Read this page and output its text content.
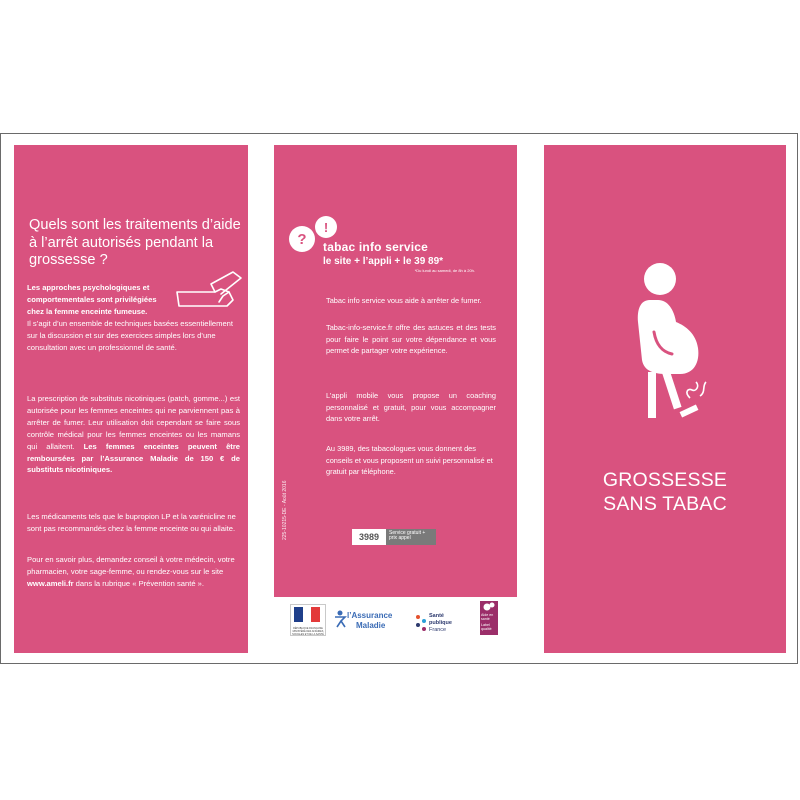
Quels sont les traitements d’aide à l’arrêt autorisés pendant la grossesse ?

Les approches psychologiques et comportementales sont privilégiées chez la femme enceinte fumeuse.
Il s’agit d’un ensemble de techniques basées essentiellement sur la discussion et sur des exercices simples lors d’une consultation avec un professionnel de santé.

La prescription de substituts nicotiniques (patch, gomme...) est autorisée pour les femmes enceintes qui ne parviennent pas à arrêter de fumer. Leur utilisation doit cependant se faire sous contrôle médical pour les femmes enceintes ou les mamans qui allaitent. Les femmes enceintes peuvent être remboursées par l’Assurance Maladie de 150 € de substituts nicotiniques.

Les médicaments tels que le bupropion LP et la varénicline ne sont pas recommandés chez la femme enceinte ou qui allaite.

Pour en savoir plus, demandez conseil à votre médecin, votre pharmacien, votre sage-femme, ou rendez-vous sur le site www.ameli.fr dans la rubrique « Prévention santé ».

?
!

tabac info service

le site + l’appli + le 39 89*

*Du lundi au samedi, de 8h à 20h.

Tabac info service vous aide à arrêter de fumer.

Tabac-info-service.fr offre des astuces et des tests pour faire le point sur votre dépendance et vous permet de partager votre expérience.

L’appli mobile vous propose un coaching personnalisé et gratuit, pour vous accompagner dans votre arrêt.

Au 3989, des tabacologues vous donnent des conseils et vous proposent un suivi personnalisé et gratuit par téléphone.

225-10215-DE - Août 2016	3989	Service gratuit + prix appel

GROSSESSE

SANS TABAC

RÉPUBLIQUE FRANÇAISE MINISTÈRE DES AFFAIRES SOCIALES ET DE LA SANTÉ

l’Assurance

Maladie

Santé

publique

France

Aide en

santé

Label

qualité
